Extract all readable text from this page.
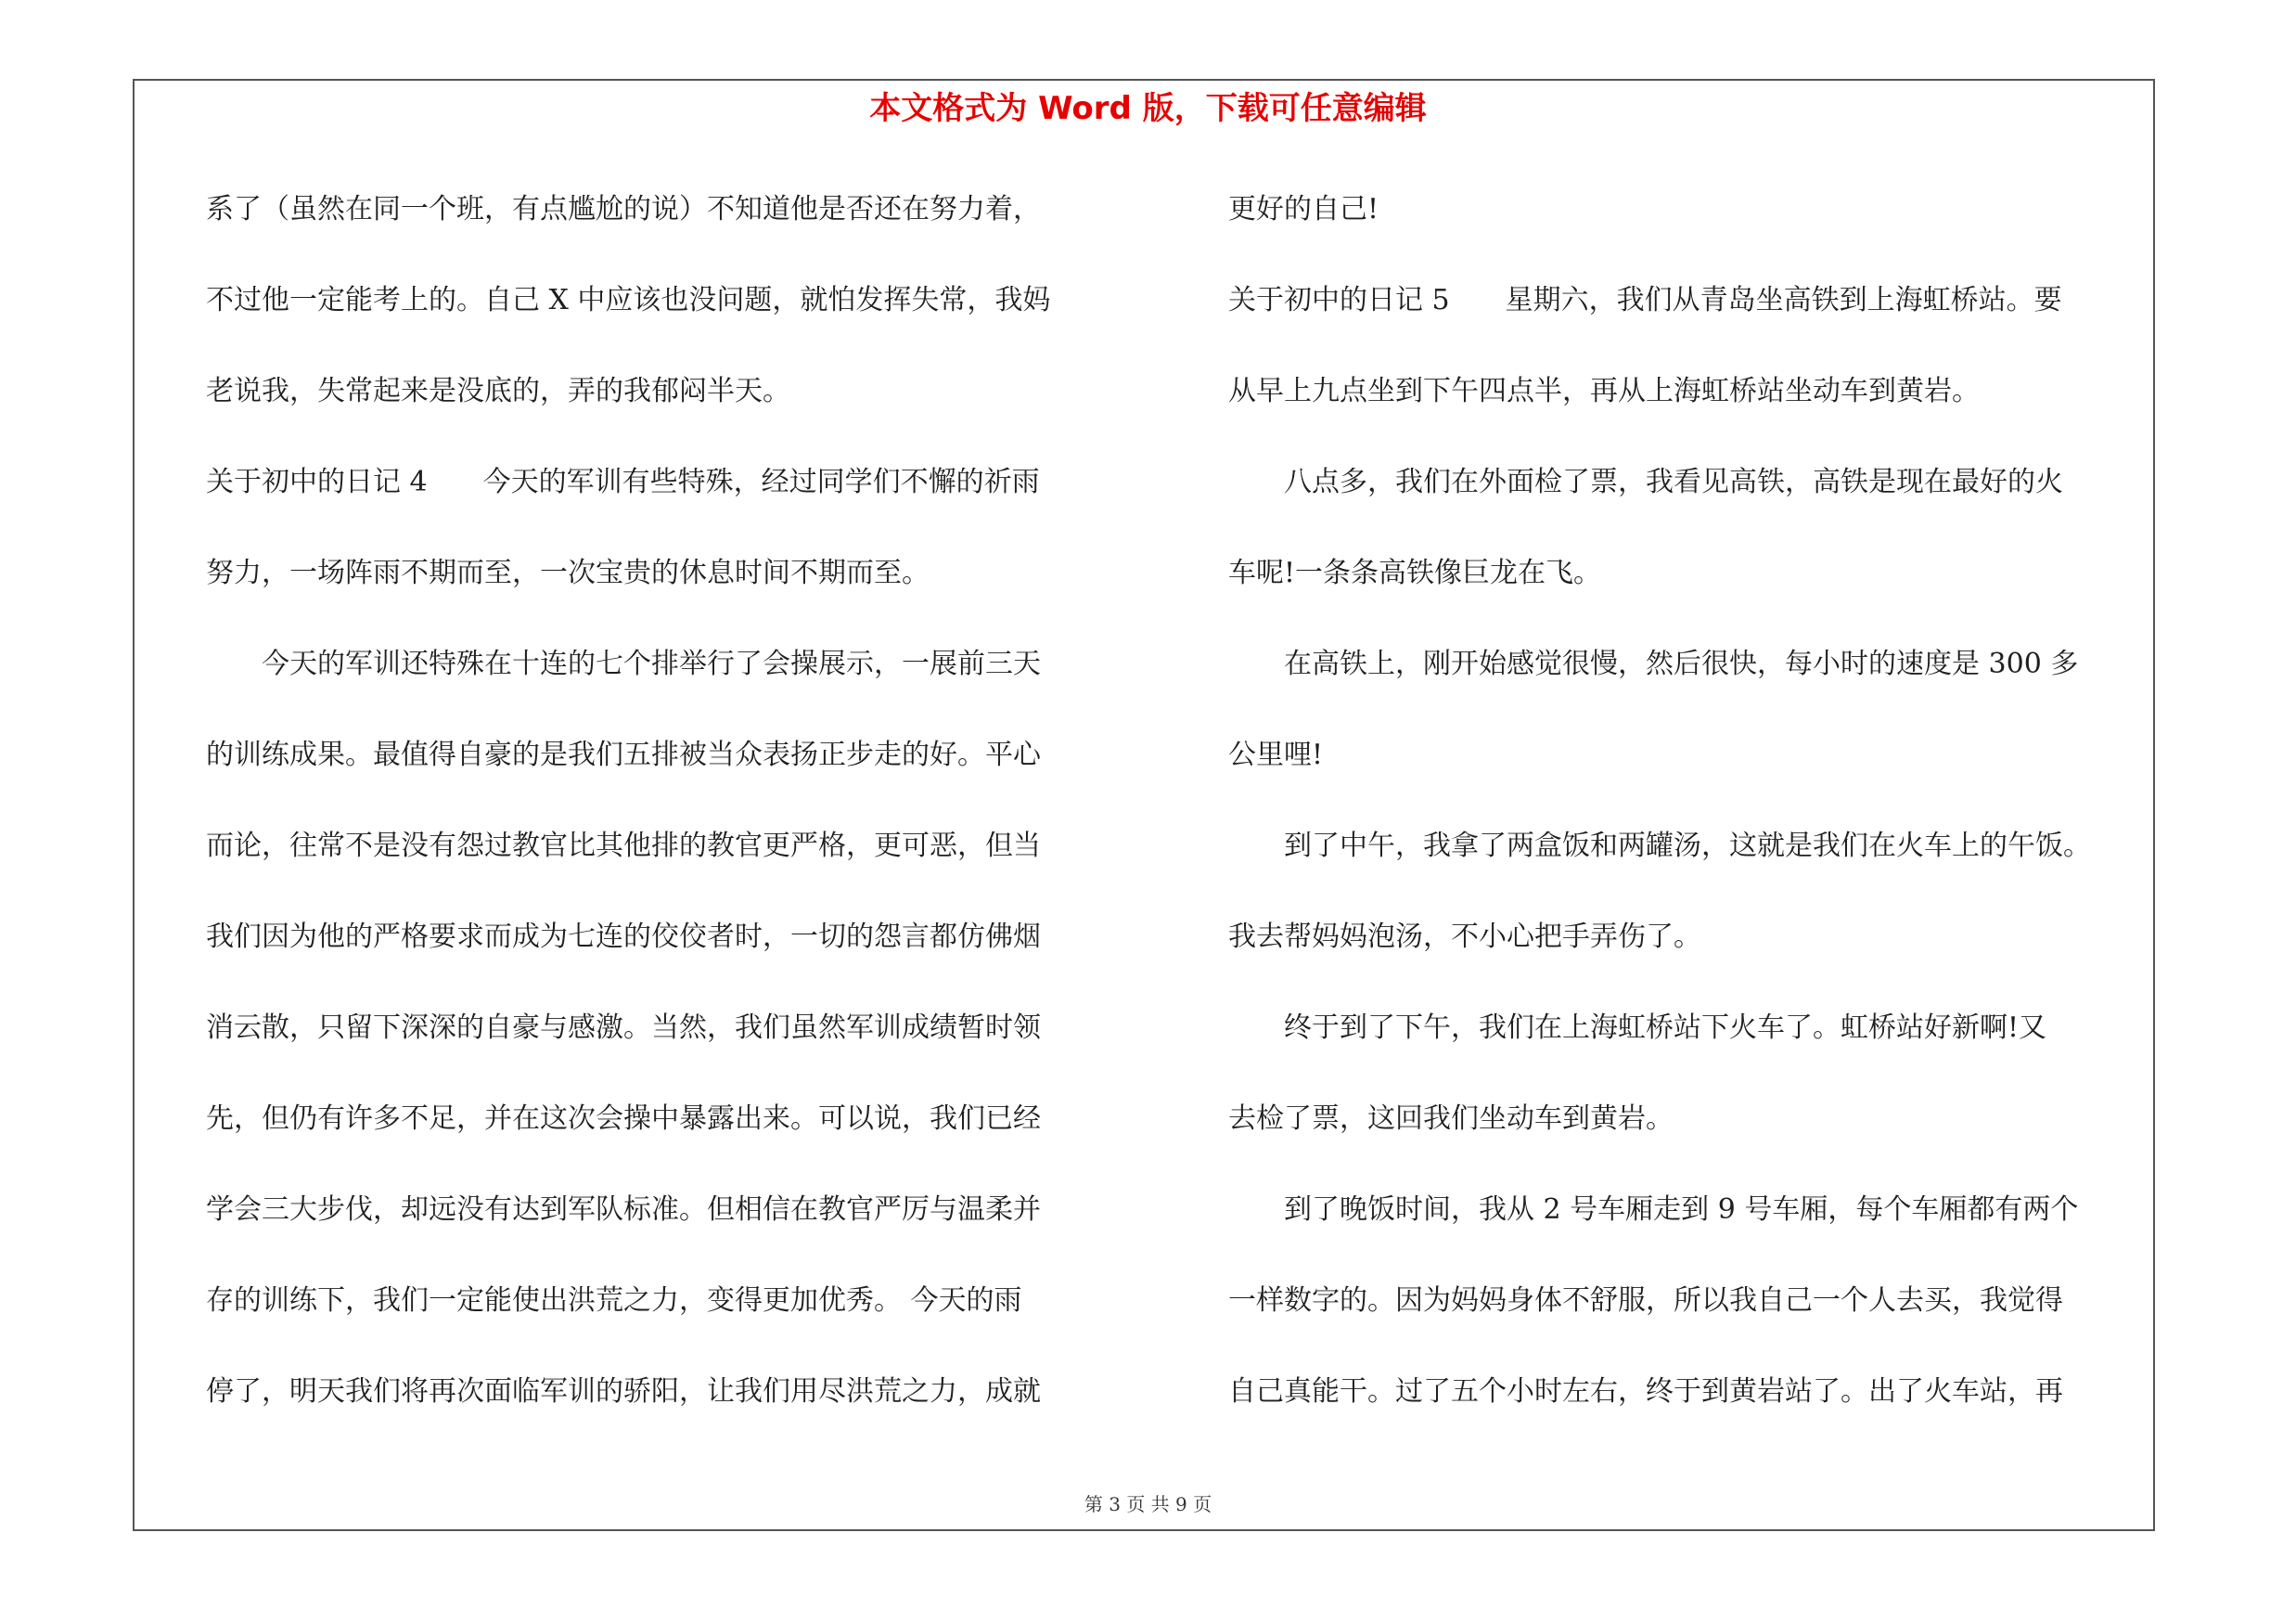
本文格式为 Word 版，下载可任意编辑
系了（虽然在同一个班，有点尴尬的说）不知道他是否还在努力着，
不过他一定能考上的。自己 X 中应该也没问题，就怕发挥失常，我妈
老说我，失常起来是没底的，弄的我郁闷半天。
关于初中的日记 4　　今天的军训有些特殊，经过同学们不懈的祈雨
努力，一场阵雨不期而至，一次宝贵的休息时间不期而至。
　　今天的军训还特殊在十连的七个排举行了会操展示，一展前三天
的训练成果。最值得自豪的是我们五排被当众表扬正步走的好。平心
而论，往常不是没有怨过教官比其他排的教官更严格，更可恶，但当
我们因为他的严格要求而成为七连的佼佼者时，一切的怨言都仿佛烟
消云散，只留下深深的自豪与感激。当然，我们虽然军训成绩暂时领
先，但仍有许多不足，并在这次会操中暴露出来。可以说，我们已经
学会三大步伐，却远没有达到军队标准。但相信在教官严厉与温柔并
存的训练下，我们一定能使出洪荒之力，变得更加优秀。 今天的雨
停了，明天我们将再次面临军训的骄阳，让我们用尽洪荒之力，成就
更好的自己!
关于初中的日记 5　　星期六，我们从青岛坐高铁到上海虹桥站。要
从早上九点坐到下午四点半，再从上海虹桥站坐动车到黄岩。
　　八点多，我们在外面检了票，我看见高铁，高铁是现在最好的火
车呢!一条条高铁像巨龙在飞。
　　在高铁上，刚开始感觉很慢，然后很快，每小时的速度是 300 多
公里哩!
　　到了中午，我拿了两盒饭和两罐汤，这就是我们在火车上的午饭。
我去帮妈妈泡汤，不小心把手弄伤了。
　　终于到了下午，我们在上海虹桥站下火车了。虹桥站好新啊!又
去检了票，这回我们坐动车到黄岩。
　　到了晚饭时间，我从 2 号车厢走到 9 号车厢，每个车厢都有两个
一样数字的。因为妈妈身体不舒服，所以我自己一个人去买，我觉得
自己真能干。过了五个小时左右，终于到黄岩站了。出了火车站，再
第 3 页 共 9 页
